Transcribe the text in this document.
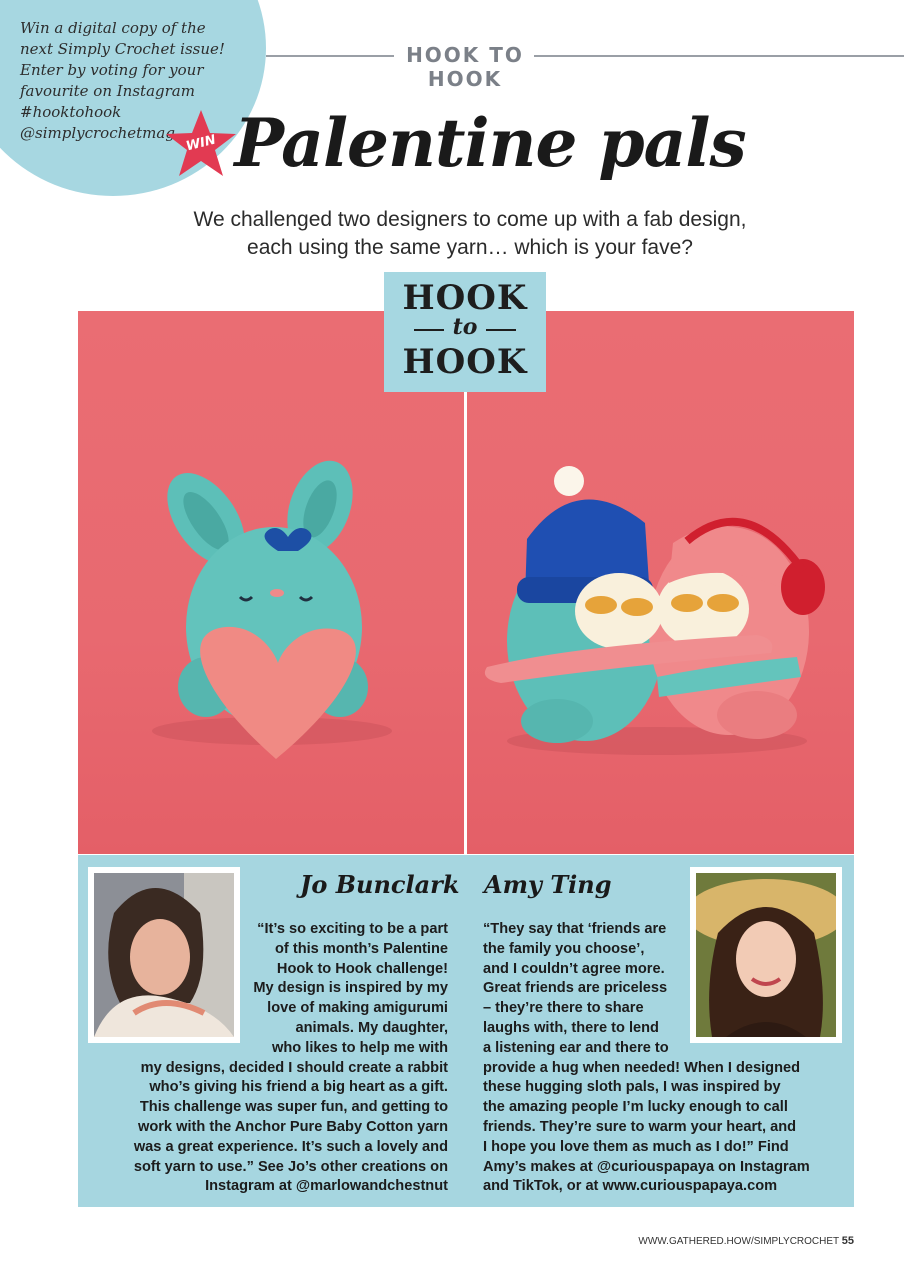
Win a digital copy of the
next Simply Crochet issue!
Enter by voting for your
favourite on Instagram
#hooktohook
@simplycrochetmag WIN
HOOK TO HOOK
Palentine pals
We challenged two designers to come up with a fab design,
each using the same yarn… which is your fave?
HOOK
to
HOOK
Jo Bunclark Amy Ting
“It’s so exciting to be a part
of this month’s Palentine
Hook to Hook challenge!
My design is inspired by my
love of making amigurumi
animals. My daughter,
who likes to help me with
my designs, decided I should create a rabbit
who’s giving his friend a big heart as a gift.
This challenge was super fun, and getting to
work with the Anchor Pure Baby Cotton yarn
was a great experience. It’s such a lovely and
soft yarn to use.” See Jo’s other creations on
Instagram at @marlowandchestnut
“They say that ‘friends are
the family you choose’,
and I couldn’t agree more.
Great friends are priceless
– they’re there to share
laughs with, there to lend
a listening ear and there to
provide a hug when needed! When I designed
these hugging sloth pals, I was inspired by
the amazing people I’m lucky enough to call
friends. They’re sure to warm your heart, and
I hope you love them as much as I do!” Find
Amy’s makes at @curiouspapaya on Instagram
and TikTok, or at www.curiouspapaya.com
WWW.GATHERED.HOW/SIMPLYCROCHET 55
